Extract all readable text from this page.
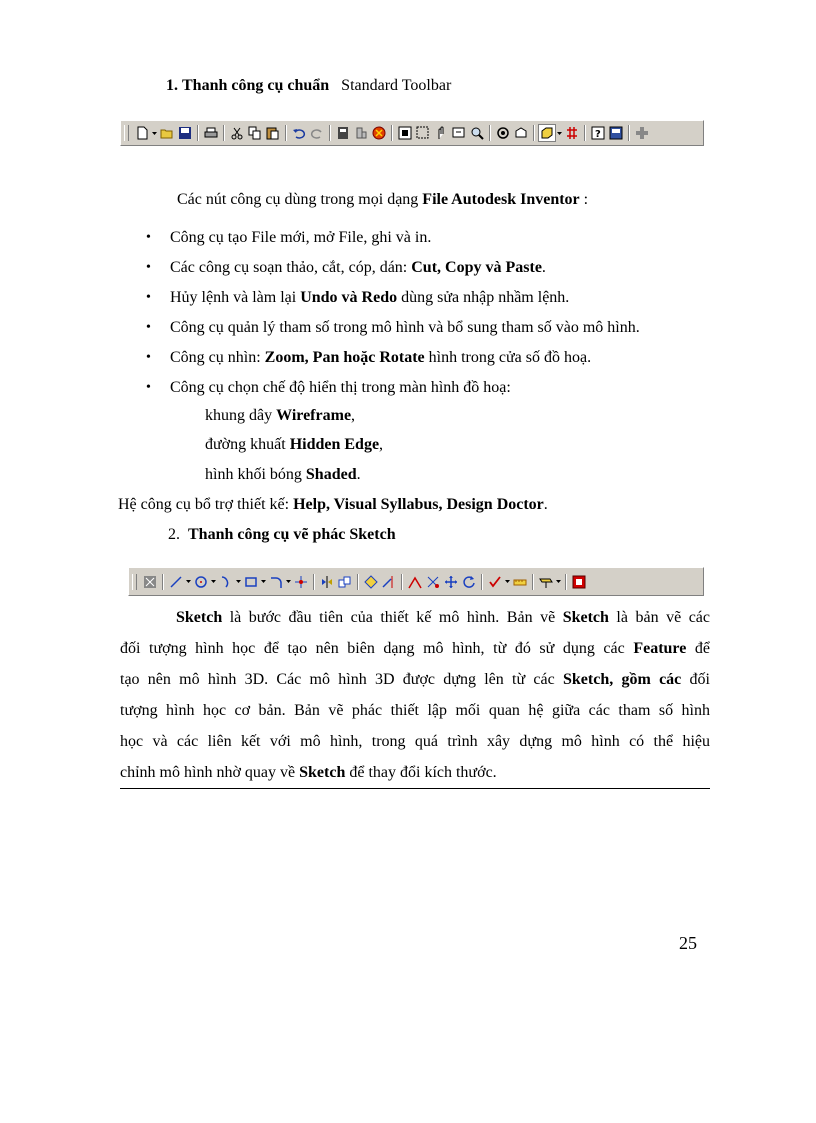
1. Thanh công cụ chuẩn Standard Toolbar
?
Các nút công cụ dùng trong mọi dạng File Autodesk Inventor :
• Công cụ tạo File mới, mở File, ghi và in.
• Các công cụ soạn thảo, cắt, cóp, dán: Cut, Copy và Paste.
• Hủy lệnh và làm lại Undo và Redo dùng sửa nhập nhầm lệnh.
• Công cụ quản lý tham số trong mô hình và bổ sung tham số vào mô hình.
• Công cụ nhìn: Zoom, Pan hoặc Rotate hình trong cửa số đồ hoạ.
• Công cụ chọn chế độ hiển thị trong màn hình đồ hoạ:
khung dây Wireframe,
đường khuất Hidden Edge,
hình khối bóng Shaded.
Hệ công cụ bổ trợ thiết kế: Help, Visual Syllabus, Design Doctor.
2. Thanh công cụ vẽ phác Sketch
Sketch là bước đầu tiên của thiết kế mô hình. Bản vẽ Sketch là bản vẽ các
đối tượng hình học để tạo nên biên dạng mô hình, từ đó sử dụng các Feature để
tạo nên mô hình 3D. Các mô hình 3D được dựng lên từ các Sketch, gồm các đối
tượng hình học cơ bản. Bản vẽ phác thiết lập mối quan hệ giữa các tham số hình
học và các liên kết với mô hình, trong quá trình xây dựng mô hình có thể hiệu
chỉnh mô hình nhờ quay về Sketch để thay đổi kích thước.
25
